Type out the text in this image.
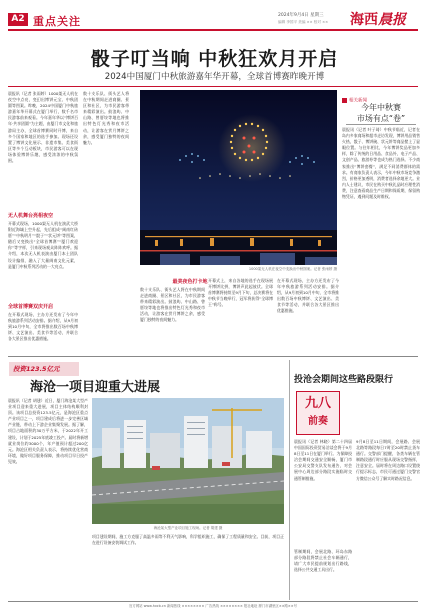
A2 重点关注	2024年9月4日 星期三
编辑 李国平 美编 ×× 校对 ×× 海西晨报
骰子叮当响 中秋狂欢月开启
2024中国厦门中秋旅游嘉年华开幕，全球首博赛昨晚开博
晨报讯（记者 张雨婷）1000架无人机在夜空中点亮，变幻出博饼元宝、中秋团圆等图案。昨晚，2024中国厦门中秋旅游嘉年华开幕式在厦门举行，数千名市民游客前来观看。今年嘉年华以“博饼百年·共享团圆”为主题，由厦门市文化和旅游局主办，全球首博赛同时开博，来自多个国家和地区的选手参加。现场还设置了博饼文化展示、非遗市集、美食街区等多个互动板块，市民游客可以在现场体验博饼乐趣，感受浓浓的中秋氛围。
无人机舞台亮相夜空
开幕式现场，1000架无人机在演武大桥附近海域上空升起，先后组成“闽南红砖厝”“中秋明月”“骰子”“状元饼”等图案，随后又变换出“全球首博赛”“厦门欢迎你”等字样，引来现场观众阵阵欢呼。据介绍，本次无人机表演由厦门本土团队设计编排，融入了大量闽南文化元素，是厦门中秋系列活动的一大亮点。
全球首博赛双庆开启
在开幕式现场，主办方还发布了今年中秋旅游系列活动安排。据介绍，从9月初到10月中旬，全市将推出数百场中秋博饼、文艺演出、美食节等活动，并联合各大景区推出优惠措施。
数十支乐队、街头艺人将在中秋期间走进商圈、景区和社区，为市民游客带来精彩演出。鼓浪屿、中山路、曾厝垵等地也将推出特色灯光秀和夜市活动，让游客在赏月博饼之余，感受厦门独特的夜间魅力。
1000架无人机在夜空中变换出中秋图案。记者 张雨婷 摄
最美夜色打卡地
数十支乐队、街头艺人将在中秋期间走进商圈、景区和社区，为市民游客带来精彩演出。鼓浪屿、中山路、曾厝垵等地也将推出特色灯光秀和夜市活动，让游客在赏月博饼之余，感受厦门独特的夜间魅力。
开幕式上，来自各地的选手在现场展开博饼比拼，博饼声此起彼伏。全球首博赛将持续至9月下旬，总决赛将在中秋节当晚举行，冠军将获得“全球博王”称号。
在开幕式现场，主办方还发布了今年中秋旅游系列活动安排。据介绍，从9月初到10月中旬，全市将推出数百场中秋博饼、文艺演出、美食节等活动，并联合各大景区推出优惠措施。
相关新闻
今年中秋赛
市场有点“卷”
晨报讯（记者 叶子琦）中秋节临近，记者在岛内多家商场和超市走访发现，博饼用品销售火热，骰子、博饼碗、状元饼等商品摆上了显眼位置。与往年相比，今年博饼奖品更加多样，除了传统的日用品、食品外，电子产品、文创产品、旅游券等也成为热门选择。不少商家推出“博饼套餐”，满足不同消费群体的需求。有商家负责人表示，今年中秋市场竞争激烈，价格更加透明，消费者选择余地更大。业内人士建议，市民在购买中秋礼品时应理性消费，注意查看商品生产日期和保质期，保留购物凭证，遇到问题及时维权。
投资123.5亿元
海沧一项目迎重大进展
晨报讯（记者 胡建）近日，厦门海沧某大型产业项目迎来重大进展，项目主体结构顺利封顶。该项目总投资123.5亿元，是海沧区重点产业项目之一，项目建成后将进一步完善区域产业链，带动上下游企业集聚发展。据了解，项目占地面积约30万平方米，于2022年开工建设，计划于2025年底竣工投产。届时将新增就业岗位约3000个，年产值预计超过200亿元。海沧区相关负责人表示，将持续优化营商环境，做好项目服务保障，推动项目早日投产见效。
海沧某大型产业项目施工现场。记者 胡建 摄
项目建设期间，施工方克服了高温多雨等不利天气影响，科学组织施工，确保了工程质量和安全。目前，项目正在进行设备安装调试工作。
投沧会期间这些路段限行
九八
前奏
晨报讯（记者 林晓）第二十四届中国国际投资贸易洽谈会将于9月8日至11日在厦门举行。为保障投洽会期间交通安全顺畅，厦门市公安局交警支队发布通告，对会展中心周边部分路段实施临时交通管制措施。
管制期间，会展北路、环岛东路部分路段将禁止社会车辆通行，请广大市民提前规划出行路线，选择公共交通工具出行。
9月8日至11日期间，会展路、会展北路等路段每日7时至20时禁止货车通行。交警部门提醒，各类车辆在管制路段通行时应服从现场交警指挥，注意安全。届时将在周边路口设置绕行提示标志，市民可通过厦门交警官方微信公众号了解实时路况信息。
官方网站 www.hxcb.cn 新闻热线 ×××××××× 广告热线 ×××××××× 报社地址 厦门市湖里区××路××号
